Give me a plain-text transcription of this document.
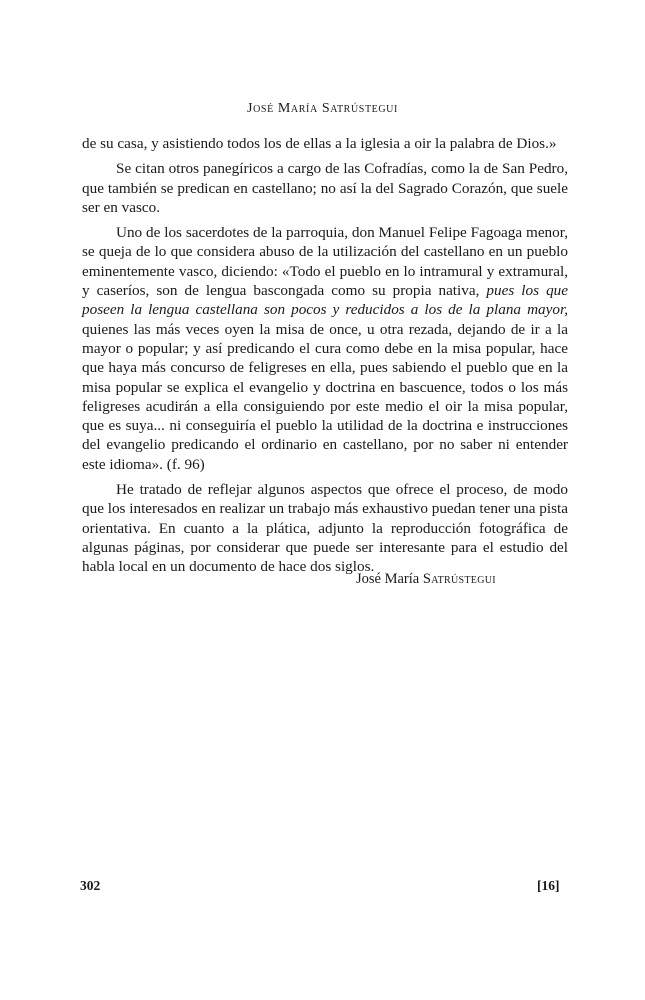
José María Satrústegui

de su casa, y asistiendo todos los de ellas a la iglesia a oir la palabra de Dios.»

Se citan otros panegíricos a cargo de las Cofradías, como la de San Pedro, que también se predican en castellano; no así la del Sagrado Corazón, que suele ser en vasco.

Uno de los sacerdotes de la parroquia, don Manuel Felipe Fagoaga menor, se queja de lo que considera abuso de la utilización del castellano en un pueblo eminentemente vasco, diciendo: «Todo el pueblo en lo intramural y extramural, y caseríos, son de lengua bascongada como su propia nativa, pues los que poseen la lengua castellana son pocos y reducidos a los de la plana mayor, quienes las más veces oyen la misa de once, u otra rezada, dejando de ir a la mayor o popular; y así predicando el cura como debe en la misa popular, hace que haya más concurso de feligreses en ella, pues sabiendo el pueblo que en la misa popular se explica el evangelio y doctrina en bascuence, todos o los más feligreses acudirán a ella consiguiendo por este medio el oir la misa popular, que es suya... ni conseguiría el pueblo la utilidad de la doctrina e instrucciones del evangelio predicando el ordinario en castellano, por no saber ni entender este idioma». (f. 96)

He tratado de reflejar algunos aspectos que ofrece el proceso, de modo que los interesados en realizar un trabajo más exhaustivo puedan tener una pista orientativa. En cuanto a la plática, adjunto la reproducción fotográfica de algunas páginas, por considerar que puede ser interesante para el estudio del habla local en un documento de hace dos siglos.

José María Satrústegui
302	[16]
